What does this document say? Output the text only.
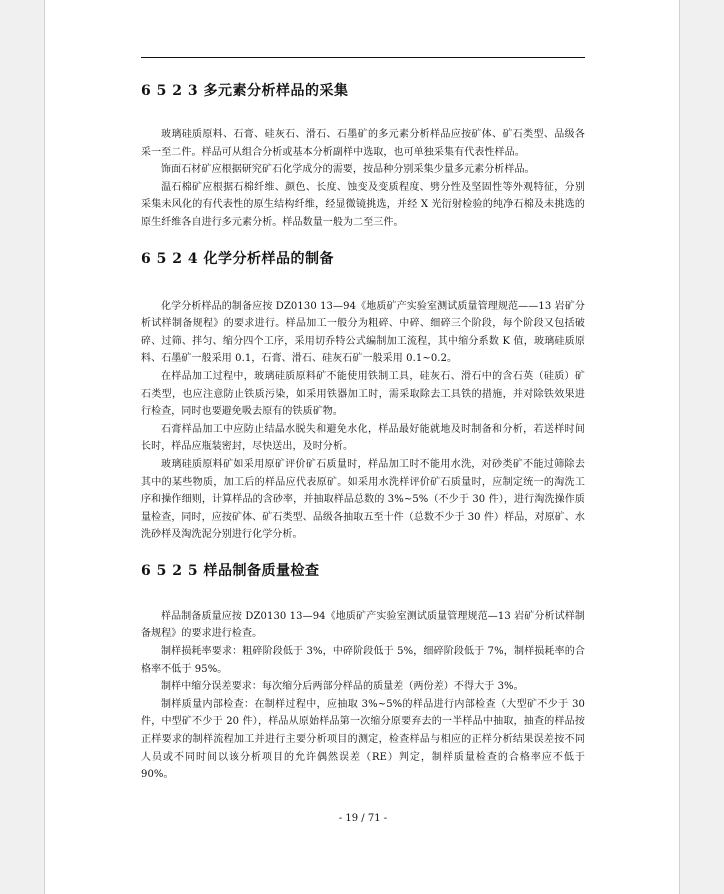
6 5 2 3 多元素分析样品的采集

玻璃硅质原料、石膏、硅灰石、滑石、石墨矿的多元素分析样品应按矿体、矿石类型、品级各采一至二件。样品可从组合分析或基本分析副样中选取，也可单独采集有代表性样品。

饰面石材矿应根据研究矿石化学成分的需要，按品种分别采集少量多元素分析样品。

温石棉矿应根据石棉纤维、颜色、长度、蚀变及变质程度、劈分性及坚固性等外观特征，分别采集未风化的有代表性的原生结构纤维，经显微镜挑选，并经 X 光衍射检验的纯净石棉及未挑选的原生纤维各自进行多元素分析。样品数量一般为二至三件。

6 5 2 4 化学分析样品的制备

化学分析样品的制备应按 DZ0130 13—94《地质矿产实验室测试质量管理规范——13 岩矿分析试样制备规程》的要求进行。样品加工一般分为粗碎、中碎、细碎三个阶段，每个阶段又包括破碎、过筛、拌匀、缩分四个工序，采用切乔特公式编制加工流程，其中缩分系数 K 值，玻璃硅质原料、石墨矿一般采用 0.1，石膏、滑石、硅灰石矿一般采用 0.1~0.2。

在样品加工过程中，玻璃硅质原料矿不能使用铁制工具，硅灰石、滑石中的含石英（硅质）矿石类型，也应注意防止铁质污染，如采用铁器加工时，需采取除去工具铁的措施，并对除铁效果进行检查，同时也要避免吸去原有的铁质矿物。

石膏样品加工中应防止结晶水脱失和避免水化，样品最好能就地及时制备和分析，若送样时间长时，样品应瓶装密封，尽快送出，及时分析。

玻璃硅质原料矿如采用原矿评价矿石质量时，样品加工时不能用水洗，对砂类矿不能过筛除去其中的某些物质，加工后的样品应代表原矿。如采用水洗样评价矿石质量时，应制定统一的淘洗工序和操作细则，计算样品的含砂率，并抽取样品总数的 3%~5%（不少于 30 件），进行淘洗操作质量检查，同时，应按矿体、矿石类型、品级各抽取五至十件（总数不少于 30 件）样品，对原矿、水洗砂样及淘洗泥分别进行化学分析。

6 5 2 5 样品制备质量检查

样品制备质量应按 DZ0130 13—94《地质矿产实验室测试质量管理规范—13 岩矿分析试样制备规程》的要求进行检查。

制样损耗率要求：粗碎阶段低于 3%，中碎阶段低于 5%，细碎阶段低于 7%，制样损耗率的合格率不低于 95%。

制样中缩分误差要求：每次缩分后两部分样品的质量差（两份差）不得大于 3%。

制样质量内部检查：在制样过程中，应抽取 3%~5%的样品进行内部检查（大型矿不少于 30 件，中型矿不少于 20 件），样品从原始样品第一次缩分原要弃去的一半样品中抽取，抽查的样品按正样要求的制样流程加工并进行主要分析项目的测定，检查样品与相应的正样分析结果误差按不同人员或不同时间以该分析项目的允许偶然误差（RE）判定，制样质量检查的合格率应不低于 90%。

- 19 / 71 -
